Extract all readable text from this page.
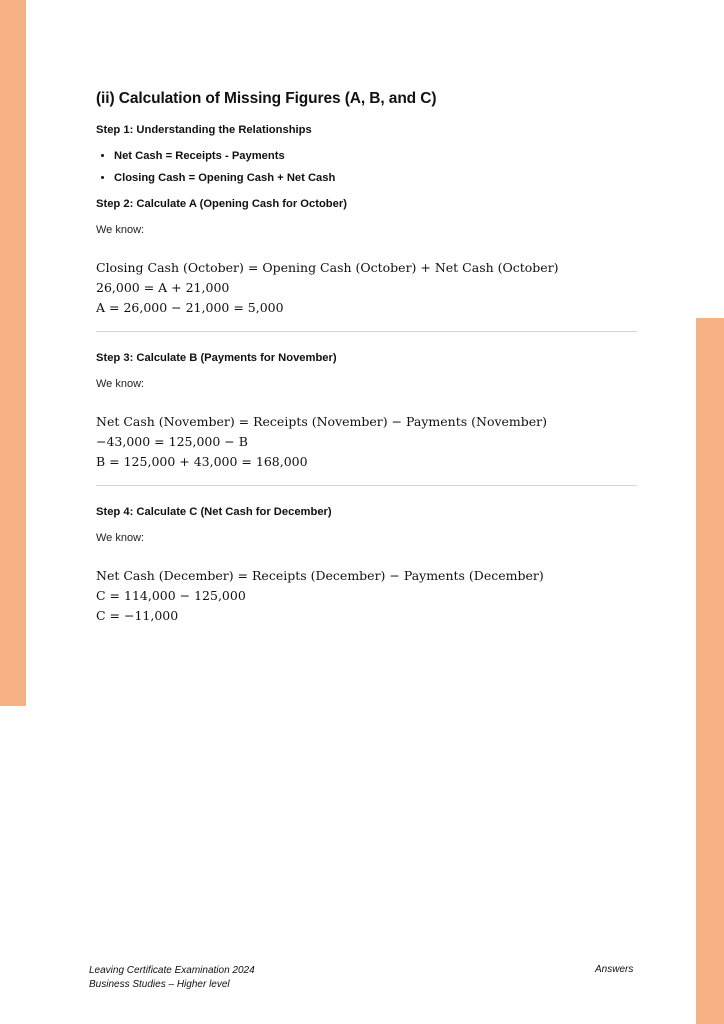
(ii) Calculation of Missing Figures (A, B, and C)
Step 1: Understanding the Relationships
• Net Cash = Receipts - Payments
• Closing Cash = Opening Cash + Net Cash
Step 2: Calculate A (Opening Cash for October)
We know:
Closing Cash (October) = Opening Cash (October) + Net Cash (October)
26,000 = A + 21,000
A = 26,000 − 21,000 = 5,000
Step 3: Calculate B (Payments for November)
We know:
Net Cash (November) = Receipts (November) − Payments (November)
−43,000 = 125,000 − B
B = 125,000 + 43,000 = 168,000
Step 4: Calculate C (Net Cash for December)
We know:
Net Cash (December) = Receipts (December) − Payments (December)
C = 114,000 − 125,000
C = −11,000
Leaving Certificate Examination 2024
Business Studies – Higher level
Answers
